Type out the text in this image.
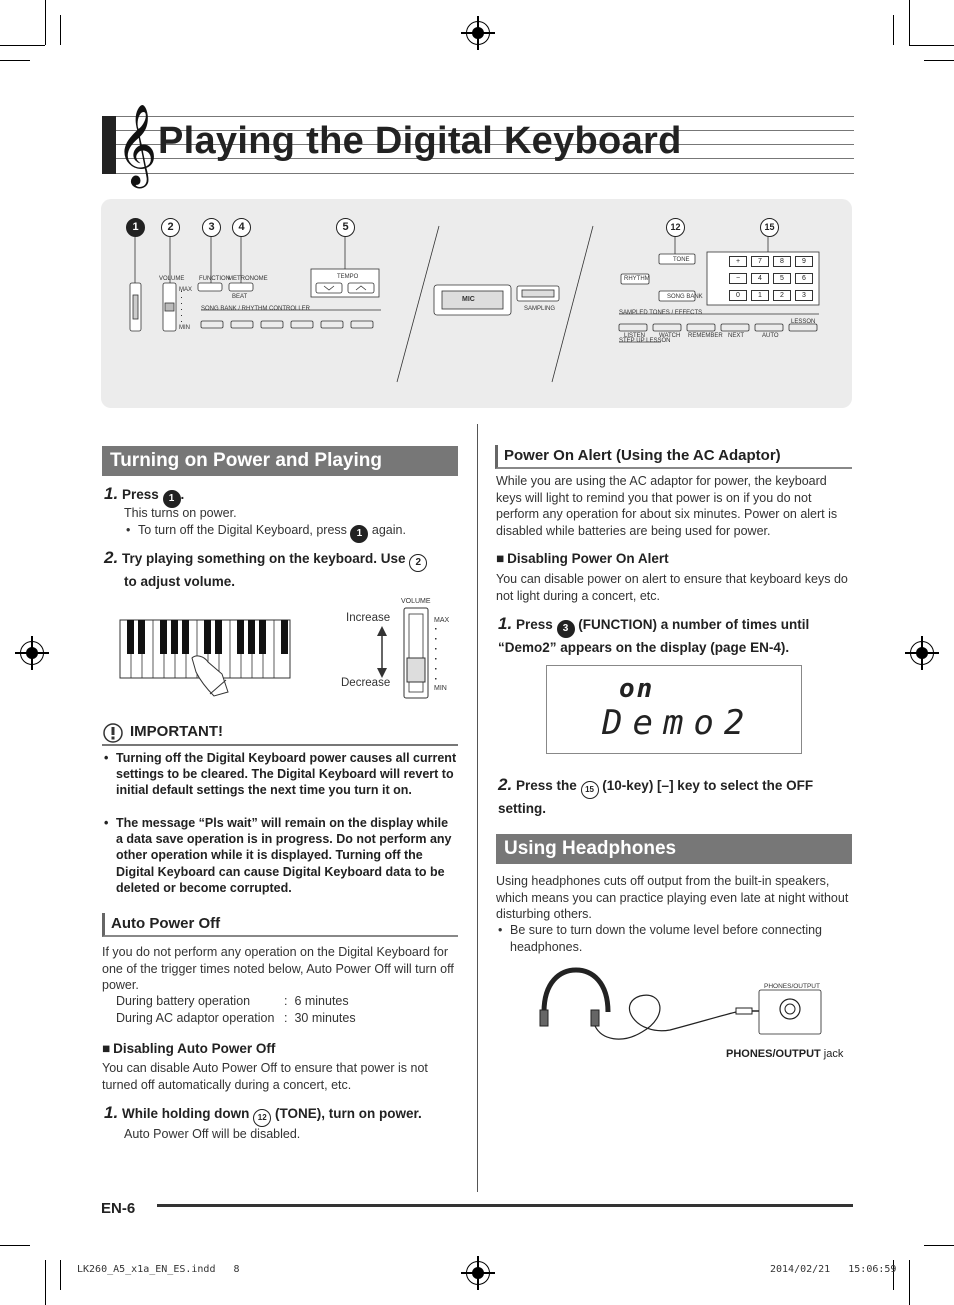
𝄞 Playing the Digital Keyboard
1	2	3	4	5	12	15
VOLUME
MAX
MIN
FUNCTION
METRONOME
BEAT
TEMPO
SONG BANK / RHYTHM CONTROLLER
MIC
SAMPLING
TONE
RHYTHM
SONG BANK
SAMPLED TONES / EFFECTS
LESSON
LISTEN WATCH REMEMBER NEXT	AUTO
STEP UP LESSON
+	7	8	9
−	4	5	6
0	1	2	3
Turning on Power and Playing
1. Press 1 .
This turns on power.
• To turn off the Digital Keyboard, press 1 again.
2. Try playing something on the keyboard. Use 2
to adjust volume.
Increase
Decrease
VOLUME
MAX
MIN
IMPORTANT!
• Turning off the Digital Keyboard power causes all current settings to be cleared. The Digital Keyboard will revert to initial default settings the next time you turn it on.
• The message “Pls wait” will remain on the display while a data save operation is in progress. Do not perform any other operation while it is displayed. Turning off the Digital Keyboard can cause Digital Keyboard data to be deleted or become corrupted.
Auto Power Off
If you do not perform any operation on the Digital Keyboard for one of the trigger times noted below, Auto Power Off will turn off power.
During battery operation	: 6 minutes
During AC adaptor operation : 30 minutes
■ Disabling Auto Power Off
You can disable Auto Power Off to ensure that power is not turned off automatically during a concert, etc.
1. While holding down 12 (TONE), turn on power.
Auto Power Off will be disabled.
Power On Alert (Using the AC Adaptor)
While you are using the AC adaptor for power, the keyboard keys will light to remind you that power is on if you do not perform any operation for about six minutes. Power on alert is disabled while batteries are being used for power.
■ Disabling Power On Alert
You can disable power on alert to ensure that keyboard keys do not light during a concert, etc.
1. Press 3 (FUNCTION) a number of times until “Demo2” appears on the display (page EN-4).
on
Demo2
2. Press the 15 (10-key) [–] key to select the OFF setting.
Using Headphones
Using headphones cuts off output from the built-in speakers, which means you can practice playing even late at night without disturbing others.
• Be sure to turn down the volume level before connecting headphones.
PHONES/OUTPUT
PHONES/OUTPUT jack
EN-6
LK260_A5_x1a_EN_ES.indd   8	2014/02/21   15:06:59
